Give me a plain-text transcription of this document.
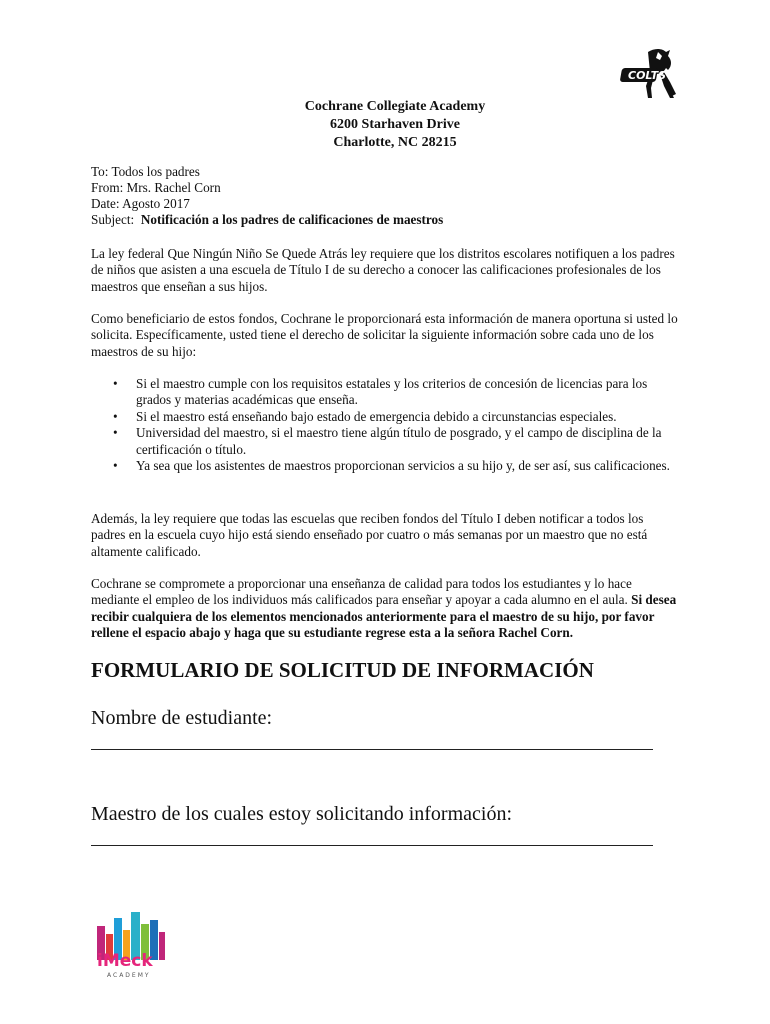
COLTS
Cochrane Collegiate Academy
6200 Starhaven Drive
Charlotte, NC 28215
To: Todos los padres
From: Mrs. Rachel Corn
Date: Agosto 2017
Subject:  Notificación a los padres de calificaciones de maestros
La ley federal Que Ningún Niño Se Quede Atrás ley requiere que los distritos escolares notifiquen a los padres de niños que asisten a una escuela de Título I de su derecho a conocer las calificaciones profesionales de los maestros que enseñan a sus hijos.
Como beneficiario de estos fondos, Cochrane le proporcionará esta información de manera oportuna si usted lo solicita. Específicamente, usted tiene el derecho de solicitar la siguiente información sobre cada uno de los maestros de su hijo:
• Si el maestro cumple con los requisitos estatales y los criterios de concesión de licencias para los grados y materias académicas que enseña.
• Si el maestro está enseñando bajo estado de emergencia debido a circunstancias especiales.
• Universidad del maestro, si el maestro tiene algún título de posgrado, y el campo de disciplina de la certificación o título.
• Ya sea que los asistentes de maestros proporcionan servicios a su hijo y, de ser así, sus calificaciones.
Además, la ley requiere que todas las escuelas que reciben fondos del Título I deben notificar a todos los padres en la escuela cuyo hijo está siendo enseñado por cuatro o más semanas por un maestro que no está altamente calificado.
Cochrane se compromete a proporcionar una enseñanza de calidad para todos los estudiantes y lo hace mediante el empleo de los individuos más calificados para enseñar y apoyar a cada alumno en el aula. Si desea recibir cualquiera de los elementos mencionados anteriormente para el maestro de su hijo, por favor rellene el espacio abajo y haga que su estudiante regrese esta a la señora Rachel Corn.
FORMULARIO DE SOLICITUD DE INFORMACIÓN
Nombre de estudiante:
Maestro de los cuales estoy solicitando información:
iMeck
ACADEMY
